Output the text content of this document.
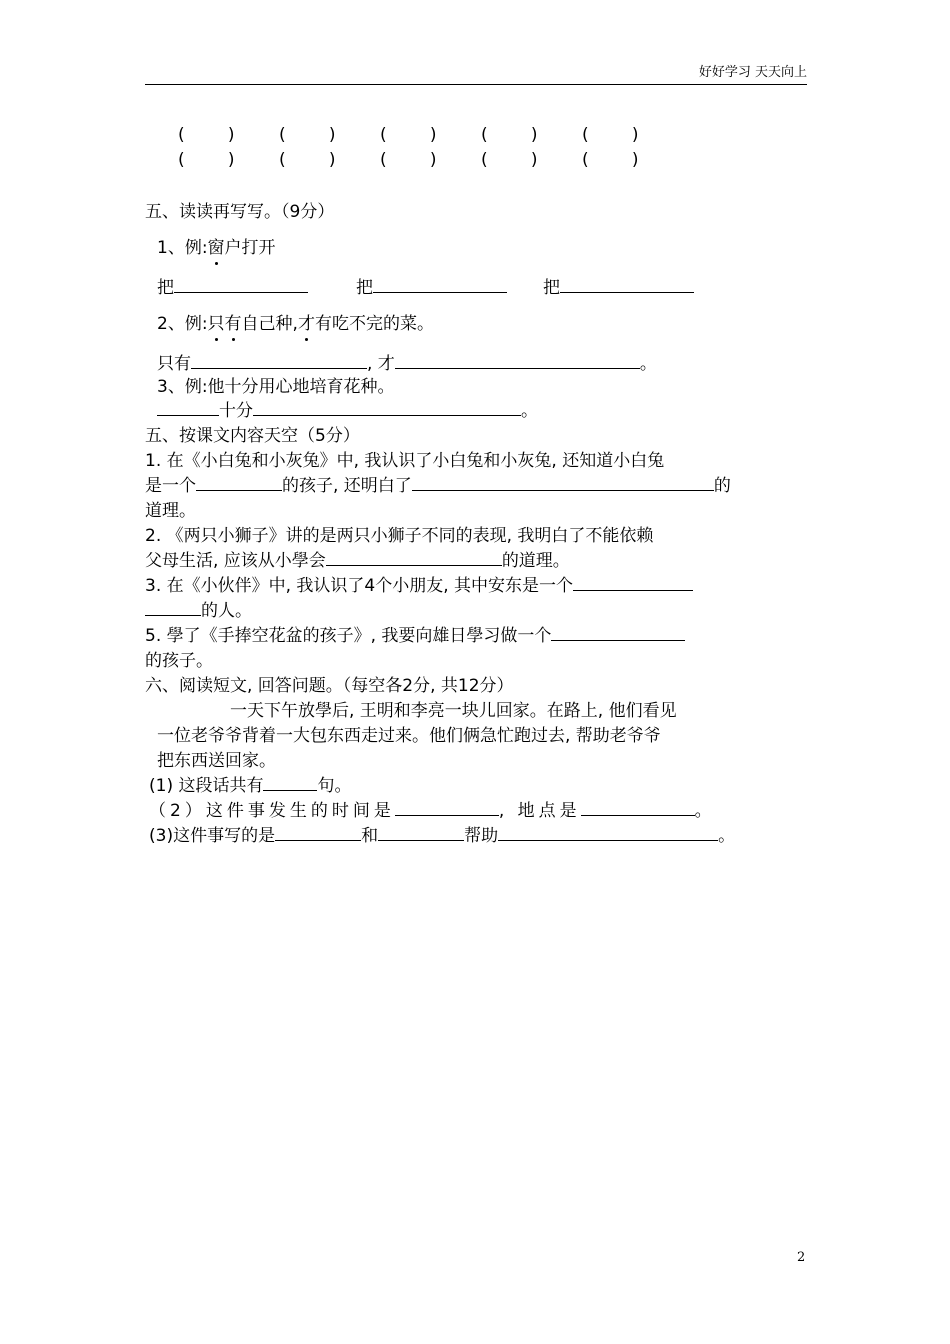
好好学习 天天向上
(        )	(        )	(        )	(        )	(        )
(        )	(        )	(        )	(        )	(        )
五、读读再写写。（9分）
1、例:窗户打开
把	把	把
2、例:只有自己种,才有吃不完的菜。
只有	, 才	。
3、例:他十分用心地培育花种。
十分	。
五、按课文内容天空（5分）
1. 在《小白兔和小灰兔》中, 我认识了小白兔和小灰兔, 还知道小白兔
是一个	的孩子, 还明白了	的
道理。
2. 《两只小狮子》讲的是两只小狮子不同的表现, 我明白了不能依赖
父母生活, 应该从小學会	的道理。
3. 在《小伙伴》中, 我认识了4个小朋友, 其中安东是一个
的人。
5. 學了《手捧空花盆的孩子》, 我要向雄日學习做一个
的孩子。
六、阅读短文, 回答问题。（每空各2分, 共12分）
一天下午放學后, 王明和李亮一块儿回家。在路上, 他们看见
一位老爷爷背着一大包东西走过来。他们俩急忙跑过去, 帮助老爷爷
把东西送回家。
(1) 这段话共有	句。
（2）这件事发生的时间是	, 地点是	。
(3)这件事写的是	和	帮助	。
2
